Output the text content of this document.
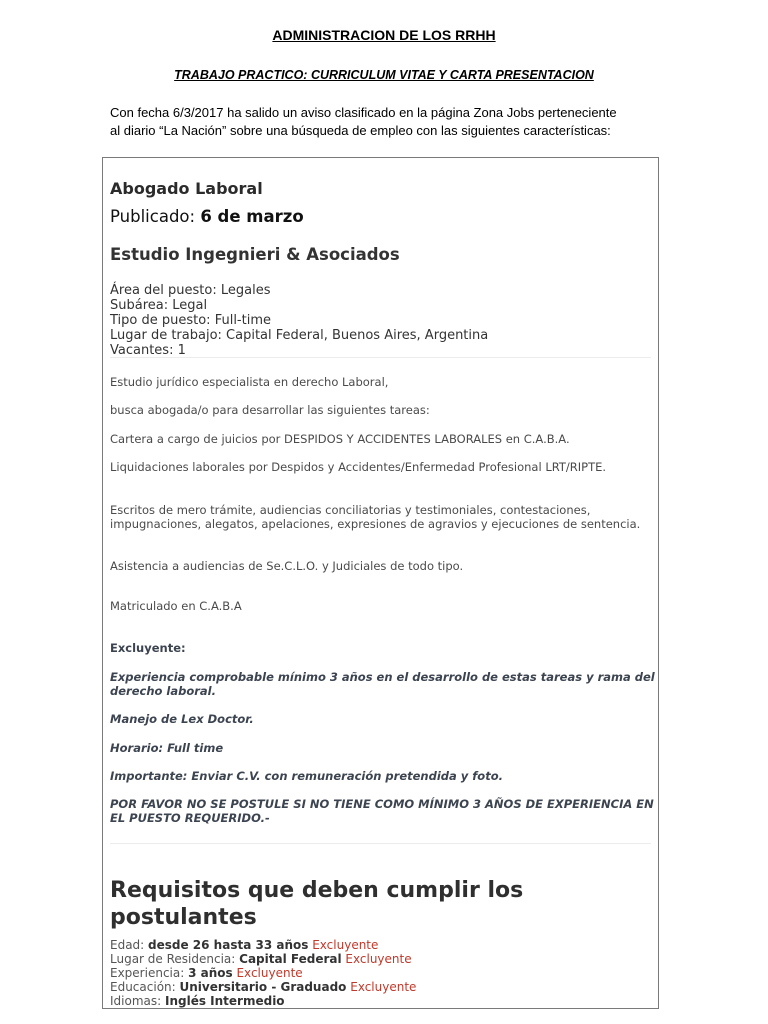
ADMINISTRACION DE LOS RRHH
TRABAJO PRACTICO: CURRICULUM VITAE Y CARTA PRESENTACION
Con fecha 6/3/2017 ha salido un aviso clasificado en la página Zona Jobs perteneciente
al diario “La Nación” sobre una búsqueda de empleo con las siguientes características:
Abogado Laboral
Publicado: 6 de marzo
Estudio Ingegnieri & Asociados
Área del puesto: Legales
Subárea: Legal
Tipo de puesto: Full-time
Lugar de trabajo: Capital Federal, Buenos Aires, Argentina
Vacantes: 1
Estudio jurídico especialista en derecho Laboral,
busca abogada/o para desarrollar las siguientes tareas:
Cartera a cargo de juicios por DESPIDOS Y ACCIDENTES LABORALES en C.A.B.A.
Liquidaciones laborales por Despidos y Accidentes/Enfermedad Profesional LRT/RIPTE.
Escritos de mero trámite, audiencias conciliatorias y testimoniales, contestaciones, impugnaciones, alegatos, apelaciones, expresiones de agravios y ejecuciones de sentencia.
Asistencia a audiencias de Se.C.L.O. y Judiciales de todo tipo.
Matriculado en C.A.B.A
Excluyente:
Experiencia comprobable mínimo 3 años en el desarrollo de estas tareas y rama del derecho laboral.
Manejo de Lex Doctor.
Horario: Full time
Importante: Enviar C.V. con remuneración pretendida y foto.
POR FAVOR NO SE POSTULE SI NO TIENE COMO MÍNIMO 3 AÑOS DE EXPERIENCIA EN EL PUESTO REQUERIDO.-
Requisitos que deben cumplir los postulantes
Edad: desde 26 hasta 33 años Excluyente
Lugar de Residencia: Capital Federal Excluyente
Experiencia: 3 años Excluyente
Educación: Universitario - Graduado Excluyente
Idiomas: Inglés Intermedio
